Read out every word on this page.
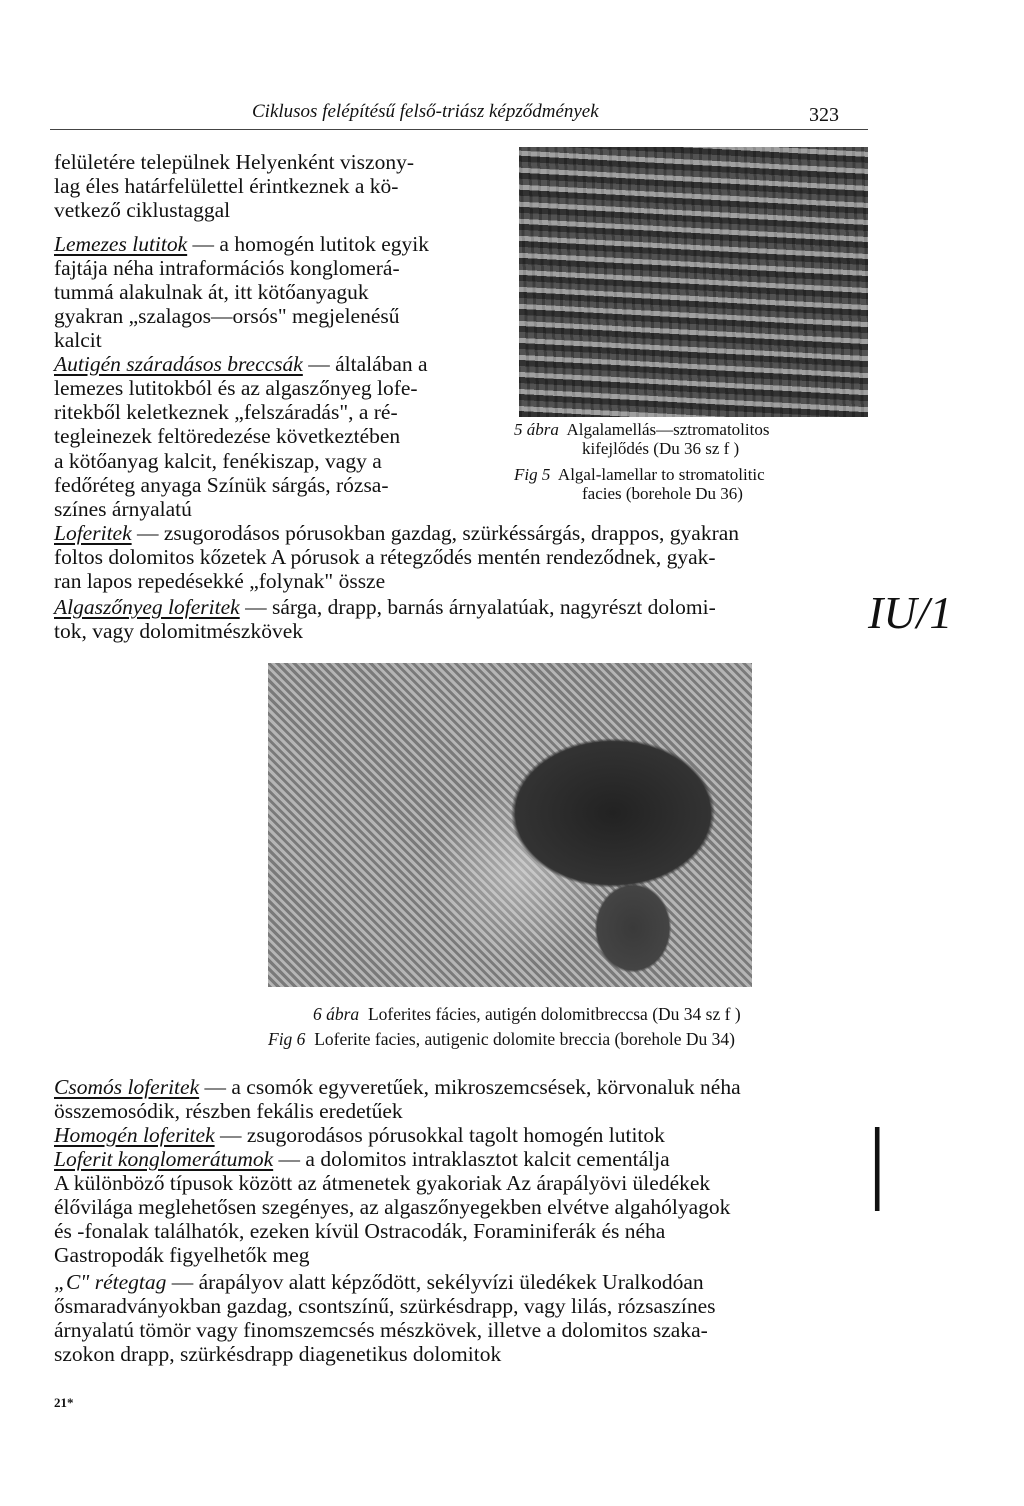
Ciklusos felépítésű felső-triász képződmények	323
felületére települnek Helyenként viszony-
lag éles határfelülettel érintkeznek a kö-
vetkező ciklustaggal
Lemezes lutitok — a homogén lutitok egyik
fajtája néha intraformációs konglomerá-
tummá alakulnak át, itt kötőanyaguk
gyakran „szalagos—orsós" megjelenésű
kalcit
Autigén száradásos breccsák — általában a
lemezes lutitokból és az algaszőnyeg lofe-
ritekből keletkeznek „felszáradás", a ré-
tegleinezek feltöredezése következtében
a kötőanyag kalcit, fenékiszap, vagy a
fedőréteg anyaga Színük sárgás, rózsa-
színes árnyalatú
5 ábra Algalamellás—sztromatolitos
kifejlődés (Du 36 sz f )
Fig 5 Algal-lamellar to stromatolitic
facies (borehole Du 36)
Loferitek — zsugorodásos pórusokban gazdag, szürkéssárgás, drappos, gyakran
foltos dolomitos kőzetek A pórusok a rétegződés mentén rendeződnek, gyak-
ran lapos repedésekké „folynak" össze
Algaszőnyeg loferitek — sárga, drapp, barnás árnyalatúak, nagyrészt dolomi-
tok, vagy dolomitmészkövek	IU/1
6 ábra Loferites fácies, autigén dolomitbreccsa (Du 34 sz f )
Fig 6 Loferite facies, autigenic dolomite breccia (borehole Du 34)
Csomós loferitek — a csomók egyveretűek, mikroszemcsések, körvonaluk néha
összemosódik, részben fekális eredetűek
Homogén loferitek — zsugorodásos pórusokkal tagolt homogén lutitok
Loferit konglomerátumok — a dolomitos intraklasztot kalcit cementálja
A különböző típusok között az átmenetek gyakoriak Az árapályövi üledékek
élővilága meglehetősen szegényes, az algaszőnyegekben elvétve algahólyagok
és -fonalak találhatók, ezeken kívül Ostracodák, Foraminiferák és néha
Gastropodák figyelhetők meg
|
„C" rétegtag — árapályov alatt képződött, sekélyvízi üledékek Uralkodóan
ősmaradványokban gazdag, csontszínű, szürkésdrapp, vagy lilás, rózsaszínes
árnyalatú tömör vagy finomszemcsés mészkövek, illetve a dolomitos szaka-
szokon drapp, szürkésdrapp diagenetikus dolomitok
21*
